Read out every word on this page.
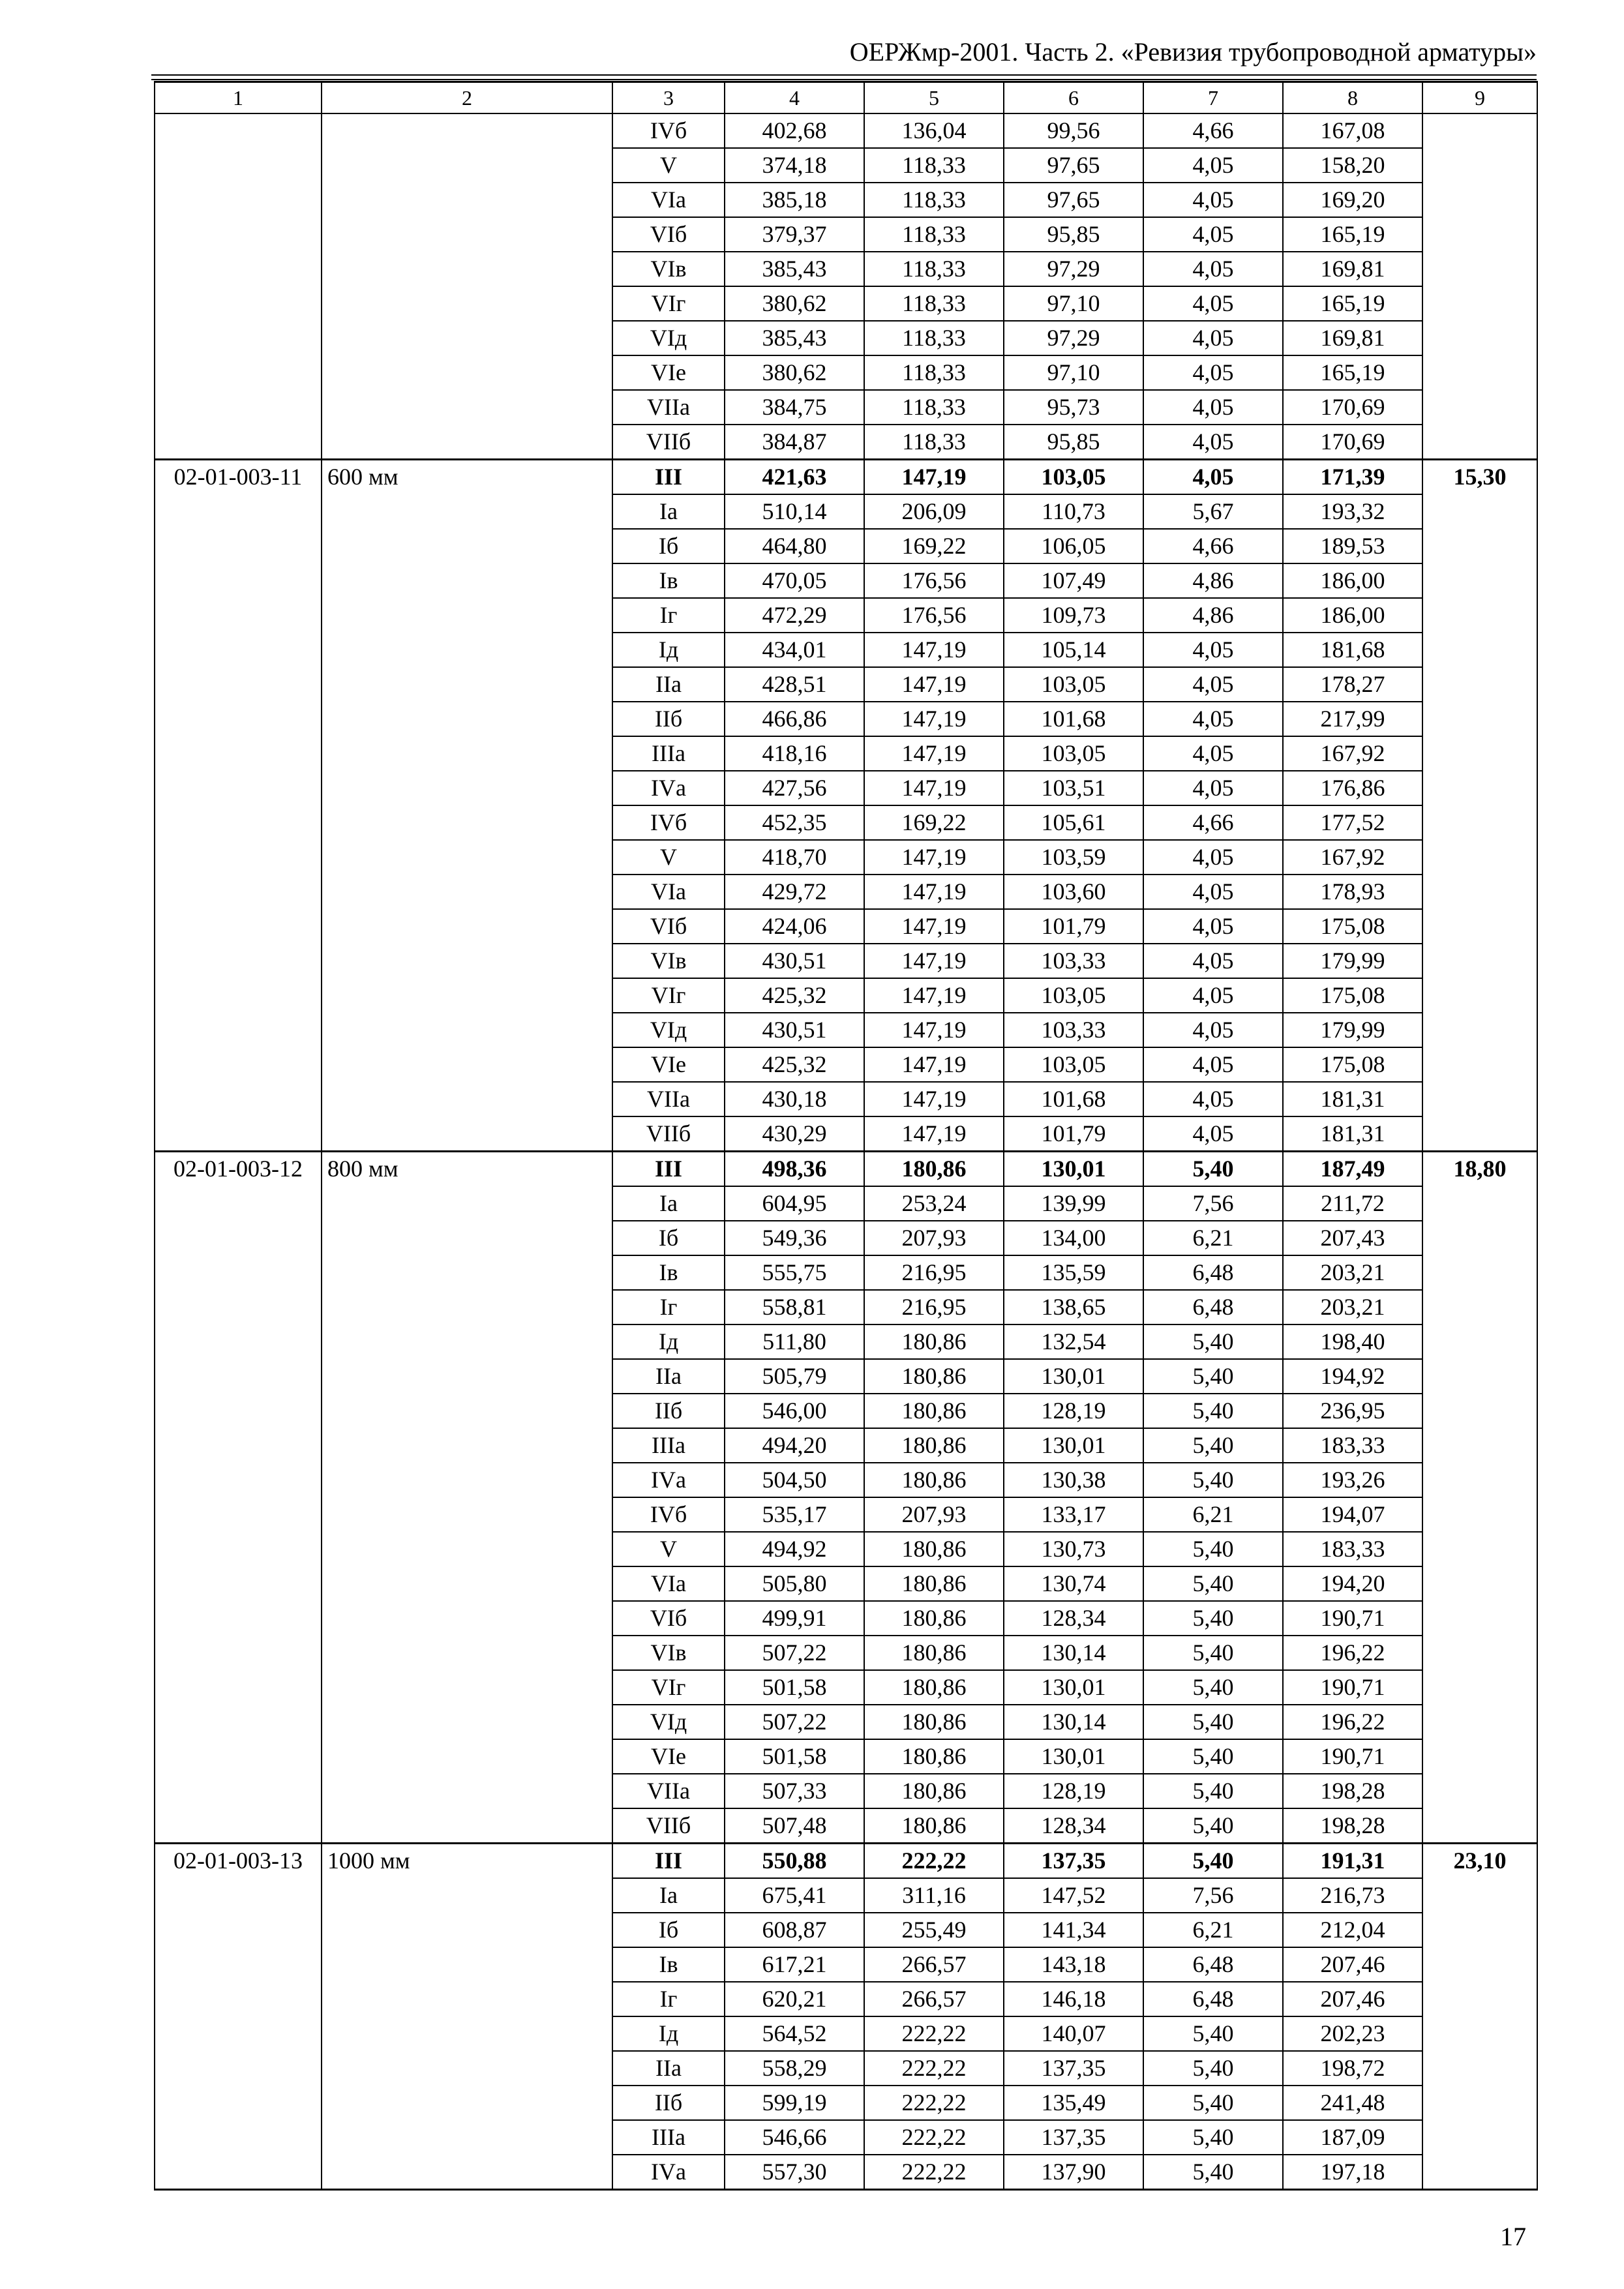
ОЕРЖмр-2001. Часть 2. «Ревизия трубопроводной арматуры»
1	2	3	4	5	6	7	8	9
		IVб	402,68	136,04	99,56	4,66	167,08	
		V	374,18	118,33	97,65	4,05	158,20	
		VIа	385,18	118,33	97,65	4,05	169,20	
		VIб	379,37	118,33	95,85	4,05	165,19	
		VIв	385,43	118,33	97,29	4,05	169,81	
		VIг	380,62	118,33	97,10	4,05	165,19	
		VIд	385,43	118,33	97,29	4,05	169,81	
		VIе	380,62	118,33	97,10	4,05	165,19	
		VIIа	384,75	118,33	95,73	4,05	170,69	
		VIIб	384,87	118,33	95,85	4,05	170,69	
02-01-003-11	600 мм	III	421,63	147,19	103,05	4,05	171,39	15,30
		Iа	510,14	206,09	110,73	5,67	193,32	
		Iб	464,80	169,22	106,05	4,66	189,53	
		Iв	470,05	176,56	107,49	4,86	186,00	
		Iг	472,29	176,56	109,73	4,86	186,00	
		Iд	434,01	147,19	105,14	4,05	181,68	
		IIа	428,51	147,19	103,05	4,05	178,27	
		IIб	466,86	147,19	101,68	4,05	217,99	
		IIIа	418,16	147,19	103,05	4,05	167,92	
		IVа	427,56	147,19	103,51	4,05	176,86	
		IVб	452,35	169,22	105,61	4,66	177,52	
		V	418,70	147,19	103,59	4,05	167,92	
		VIа	429,72	147,19	103,60	4,05	178,93	
		VIб	424,06	147,19	101,79	4,05	175,08	
		VIв	430,51	147,19	103,33	4,05	179,99	
		VIг	425,32	147,19	103,05	4,05	175,08	
		VIд	430,51	147,19	103,33	4,05	179,99	
		VIе	425,32	147,19	103,05	4,05	175,08	
		VIIа	430,18	147,19	101,68	4,05	181,31	
		VIIб	430,29	147,19	101,79	4,05	181,31	
02-01-003-12	800 мм	III	498,36	180,86	130,01	5,40	187,49	18,80
		Iа	604,95	253,24	139,99	7,56	211,72	
		Iб	549,36	207,93	134,00	6,21	207,43	
		Iв	555,75	216,95	135,59	6,48	203,21	
		Iг	558,81	216,95	138,65	6,48	203,21	
		Iд	511,80	180,86	132,54	5,40	198,40	
		IIа	505,79	180,86	130,01	5,40	194,92	
		IIб	546,00	180,86	128,19	5,40	236,95	
		IIIа	494,20	180,86	130,01	5,40	183,33	
		IVа	504,50	180,86	130,38	5,40	193,26	
		IVб	535,17	207,93	133,17	6,21	194,07	
		V	494,92	180,86	130,73	5,40	183,33	
		VIа	505,80	180,86	130,74	5,40	194,20	
		VIб	499,91	180,86	128,34	5,40	190,71	
		VIв	507,22	180,86	130,14	5,40	196,22	
		VIг	501,58	180,86	130,01	5,40	190,71	
		VIд	507,22	180,86	130,14	5,40	196,22	
		VIе	501,58	180,86	130,01	5,40	190,71	
		VIIа	507,33	180,86	128,19	5,40	198,28	
		VIIб	507,48	180,86	128,34	5,40	198,28	
02-01-003-13	1000 мм	III	550,88	222,22	137,35	5,40	191,31	23,10
		Iа	675,41	311,16	147,52	7,56	216,73	
		Iб	608,87	255,49	141,34	6,21	212,04	
		Iв	617,21	266,57	143,18	6,48	207,46	
		Iг	620,21	266,57	146,18	6,48	207,46	
		Iд	564,52	222,22	140,07	5,40	202,23	
		IIа	558,29	222,22	137,35	5,40	198,72	
		IIб	599,19	222,22	135,49	5,40	241,48	
		IIIа	546,66	222,22	137,35	5,40	187,09	
		IVа	557,30	222,22	137,90	5,40	197,18	
17
